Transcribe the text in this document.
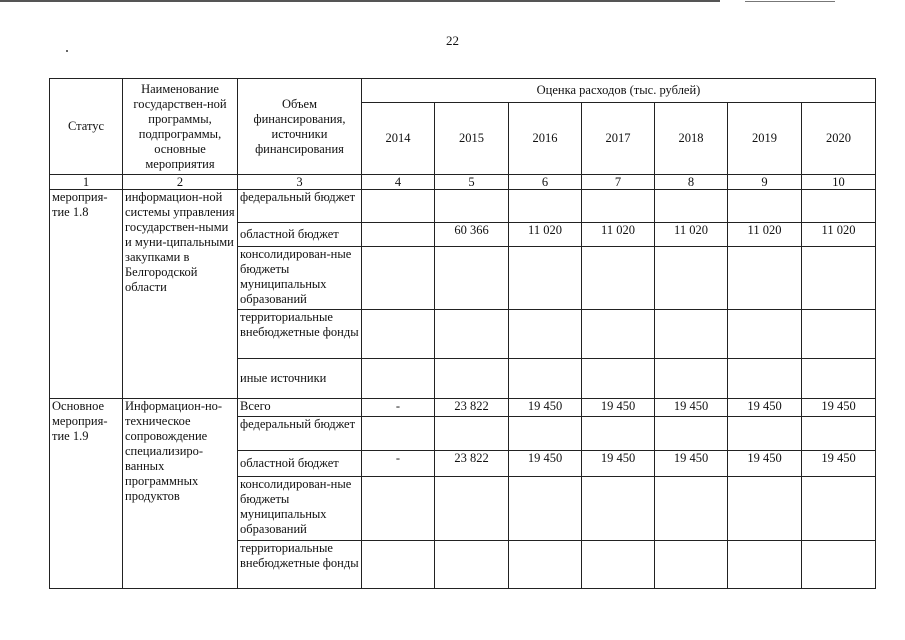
22
Статус	Наименование государствен-ной программы, подпрограммы, основные мероприятия	Объем финансирования, источники финансирования	Оценка расходов (тыс. рублей)						
			2014	2015	2016	2017	2018	2019	2020
1	2	3	4	5	6	7	8	9	10
мероприя-тие 1.8	информацион-ной системы управления государствен-ными и муни-ципальными закупками в Белгородской области	федеральный бюджет							
		областной бюджет		60 366	11 020	11 020	11 020	11 020	11 020
		консолидирован-ные бюджеты муниципальных образований							
		территориальные внебюджетные фонды							
		иные источники							
Основное мероприя-тие 1.9	Информацион-но-техническое сопровождение специализиро-ванных программных продуктов	Всего	-	23 822	19 450	19 450	19 450	19 450	19 450
		федеральный бюджет							
		областной бюджет	-	23 822	19 450	19 450	19 450	19 450	19 450
		консолидирован-ные бюджеты муниципальных образований							
		территориальные внебюджетные фонды							
